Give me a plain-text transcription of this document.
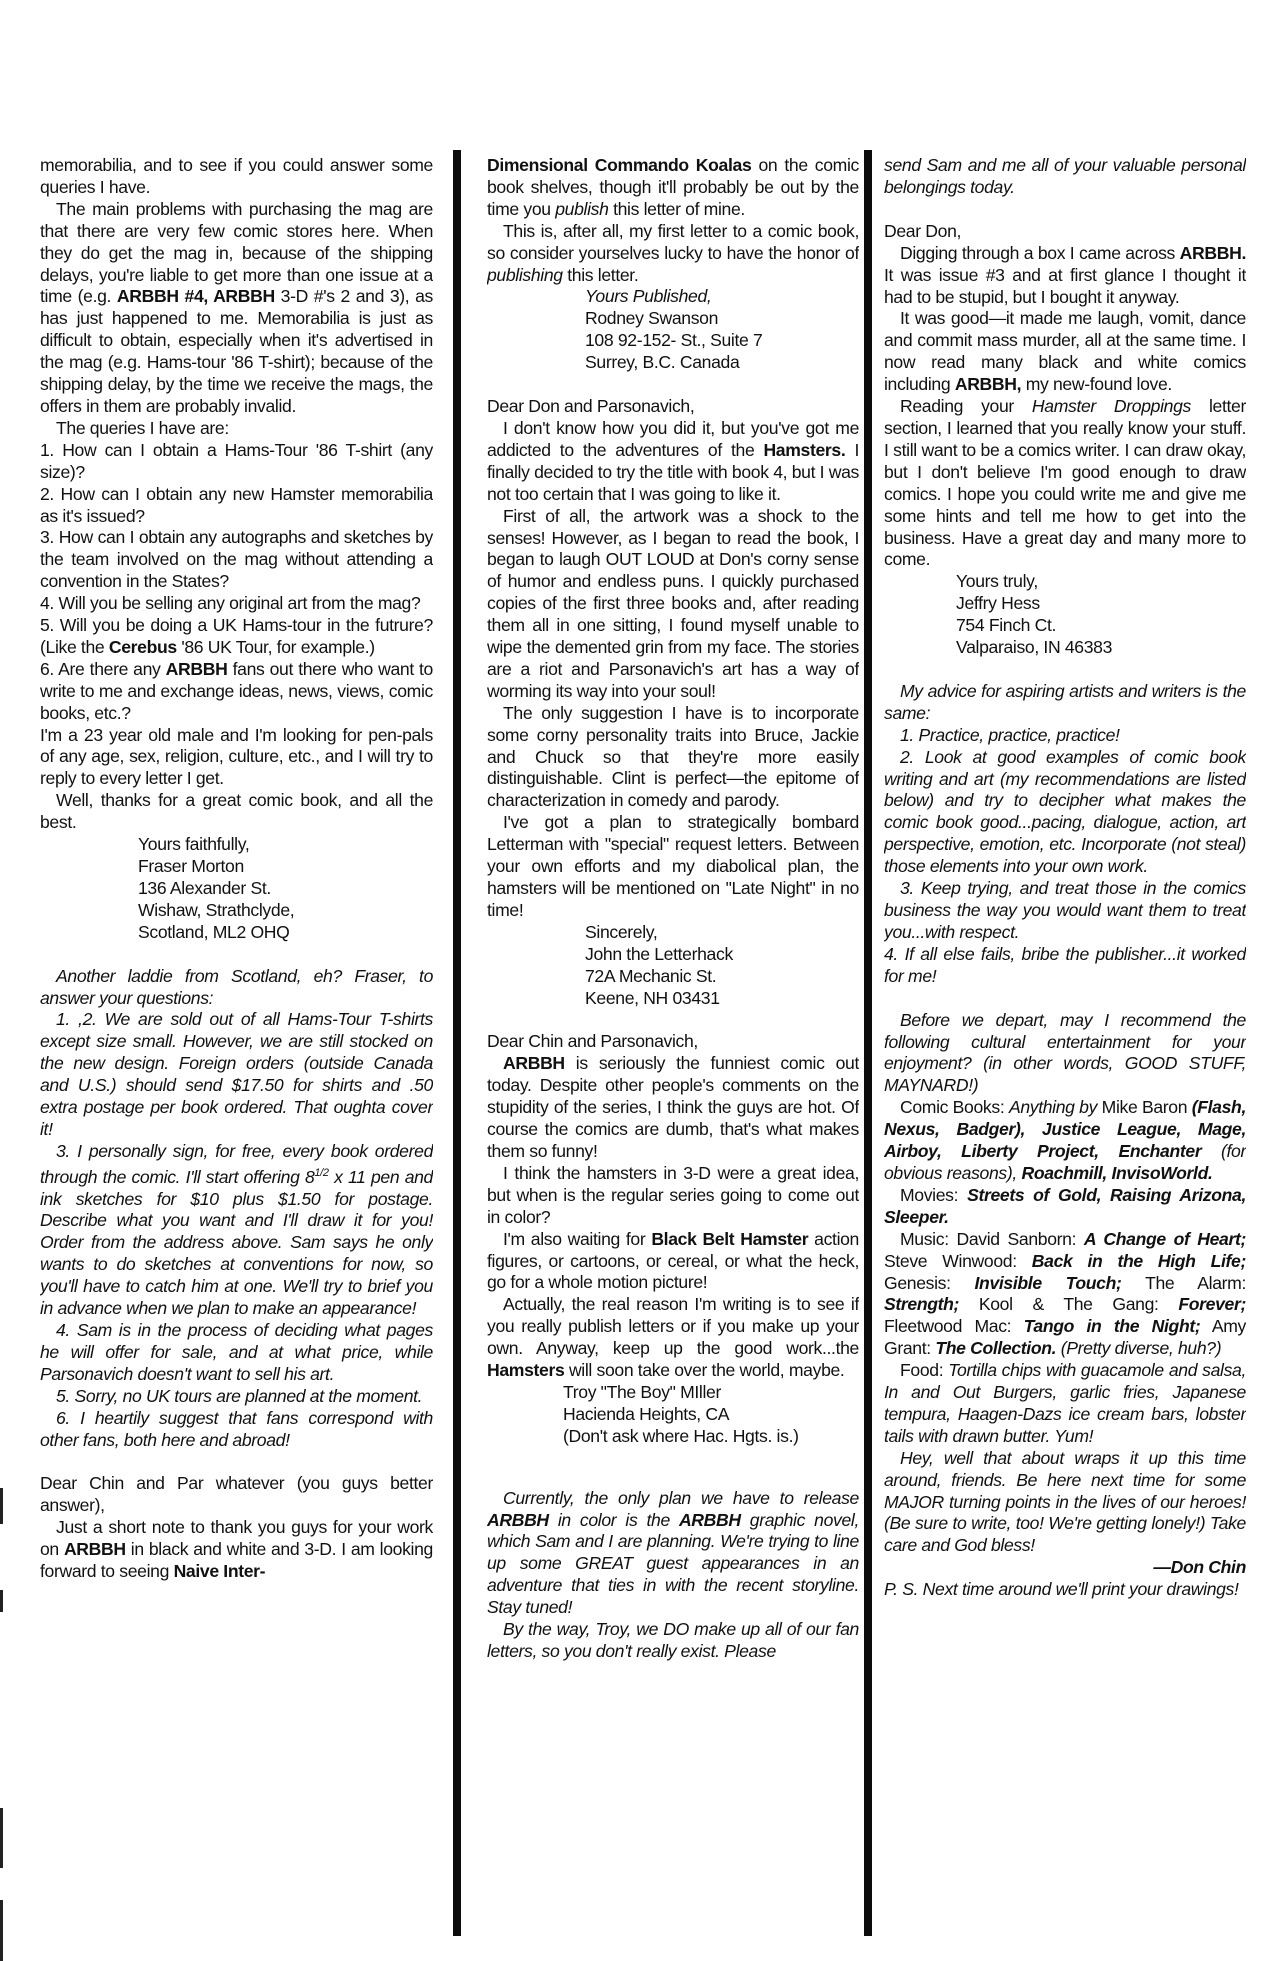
memorabilia, and to see if you could answer some queries I have.

The main problems with purchasing the mag are that there are very few comic stores here. When they do get the mag in, because of the shipping delays, you're liable to get more than one issue at a time (e.g. ARBBH #4, ARBBH 3-D #'s 2 and 3), as has just happened to me. Memorabilia is just as difficult to obtain, especially when it's advertised in the mag (e.g. Hams-tour '86 T-shirt); because of the shipping delay, by the time we receive the mags, the offers in them are probably invalid.

The queries I have are:

1. How can I obtain a Hams-Tour '86 T-shirt (any size)?

2. How can I obtain any new Hamster memorabilia as it's issued?

3. How can I obtain any autographs and sketches by the team involved on the mag without attending a convention in the States?

4. Will you be selling any original art from the mag?

5. Will you be doing a UK Hams-tour in the futrure? (Like the Cerebus '86 UK Tour, for example.)

6. Are there any ARBBH fans out there who want to write to me and exchange ideas, news, views, comic books, etc.?

I'm a 23 year old male and I'm looking for pen-pals of any age, sex, religion, culture, etc., and I will try to reply to every letter I get.

Well, thanks for a great comic book, and all the best.

Yours faithfully,
Fraser Morton
136 Alexander St.
Wishaw, Strathclyde,
Scotland, ML2 OHQ

Another laddie from Scotland, eh? Fraser, to answer your questions:

1. ,2. We are sold out of all Hams-Tour T-shirts except size small. However, we are still stocked on the new design. Foreign orders (outside Canada and U.S.) should send $17.50 for shirts and .50 extra postage per book ordered. That oughta cover it!

3. I personally sign, for free, every book ordered through the comic. I'll start offering $8^{1/2}$ x 11 pen and ink sketches for $10 plus $1.50 for postage. Describe what you want and I'll draw it for you! Order from the address above. Sam says he only wants to do sketches at conventions for now, so you'll have to catch him at one. We'll try to brief you in advance when we plan to make an appearance!

4. Sam is in the process of deciding what pages he will offer for sale, and at what price, while Parsonavich doesn't want to sell his art.

5. Sorry, no UK tours are planned at the moment.

6. I heartily suggest that fans correspond with other fans, both here and abroad!

Dear Chin and Par whatever (you guys better answer),

Just a short note to thank you guys for your work on ARBBH in black and white and 3-D. I am looking forward to seeing Naive Inter-

Dimensional Commando Koalas on the comic book shelves, though it'll probably be out by the time you publish this letter of mine.

This is, after all, my first letter to a comic book, so consider yourselves lucky to have the honor of publishing this letter.

Yours Published,
Rodney Swanson
108 92-152- St., Suite 7
Surrey, B.C. Canada

Dear Don and Parsonavich,

I don't know how you did it, but you've got me addicted to the adventures of the Hamsters. I finally decided to try the title with book 4, but I was not too certain that I was going to like it.

First of all, the artwork was a shock to the senses! However, as I began to read the book, I began to laugh OUT LOUD at Don's corny sense of humor and endless puns. I quickly purchased copies of the first three books and, after reading them all in one sitting, I found myself unable to wipe the demented grin from my face. The stories are a riot and Parsonavich's art has a way of worming its way into your soul!

The only suggestion I have is to incorporate some corny personality traits into Bruce, Jackie and Chuck so that they're more easily distinguishable. Clint is perfect—the epitome of characterization in comedy and parody.

I've got a plan to strategically bombard Letterman with "special" request letters. Between your own efforts and my diabolical plan, the hamsters will be mentioned on "Late Night" in no time!

Sincerely,
John the Letterhack
72A Mechanic St.
Keene, NH 03431

Dear Chin and Parsonavich,

ARBBH is seriously the funniest comic out today. Despite other people's comments on the stupidity of the series, I think the guys are hot. Of course the comics are dumb, that's what makes them so funny!

I think the hamsters in 3-D were a great idea, but when is the regular series going to come out in color?

I'm also waiting for Black Belt Hamster action figures, or cartoons, or cereal, or what the heck, go for a whole motion picture!

Actually, the real reason I'm writing is to see if you really publish letters or if you make up your own. Anyway, keep up the good work...the Hamsters will soon take over the world, maybe.

Troy "The Boy" MIller
Hacienda Heights, CA
(Don't ask where Hac. Hgts. is.)

Currently, the only plan we have to release ARBBH in color is the ARBBH graphic novel, which Sam and I are planning. We're trying to line up some GREAT guest appearances in an adventure that ties in with the recent storyline. Stay tuned!

By the way, Troy, we DO make up all of our fan letters, so you don't really exist. Please

send Sam and me all of your valuable personal belongings today.

Dear Don,

Digging through a box I came across ARBBH. It was issue #3 and at first glance I thought it had to be stupid, but I bought it anyway.

It was good—it made me laugh, vomit, dance and commit mass murder, all at the same time. I now read many black and white comics including ARBBH, my new-found love.

Reading your Hamster Droppings letter section, I learned that you really know your stuff. I still want to be a comics writer. I can draw okay, but I don't believe I'm good enough to draw comics. I hope you could write me and give me some hints and tell me how to get into the business. Have a great day and many more to come.

Yours truly,
Jeffry Hess
754 Finch Ct.
Valparaiso, IN 46383

My advice for aspiring artists and writers is the same:

1. Practice, practice, practice!

2. Look at good examples of comic book writing and art (my recommendations are listed below) and try to decipher what makes the comic book good...pacing, dialogue, action, art perspective, emotion, etc. Incorporate (not steal) those elements into your own work.

3. Keep trying, and treat those in the comics business the way you would want them to treat you...with respect.

4. If all else fails, bribe the publisher...it worked for me!

Before we depart, may I recommend the following cultural entertainment for your enjoyment? (in other words, GOOD STUFF, MAYNARD!)

Comic Books: Anything by Mike Baron (Flash, Nexus, Badger), Justice League, Mage, Airboy, Liberty Project, Enchanter (for obvious reasons), Roachmill, InvisoWorld.

Movies: Streets of Gold, Raising Arizona, Sleeper.

Music: David Sanborn: A Change of Heart; Steve Winwood: Back in the High Life; Genesis: Invisible Touch; The Alarm: Strength; Kool & The Gang: Forever; Fleetwood Mac: Tango in the Night; Amy Grant: The Collection. (Pretty diverse, huh?)

Food: Tortilla chips with guacamole and salsa, In and Out Burgers, garlic fries, Japanese tempura, Haagen-Dazs ice cream bars, lobster tails with drawn butter. Yum!

Hey, well that about wraps it up this time around, friends. Be here next time for some MAJOR turning points in the lives of our heroes! (Be sure to write, too! We're getting lonely!) Take care and God bless!

—Don Chin

P. S. Next time around we'll print your drawings!
